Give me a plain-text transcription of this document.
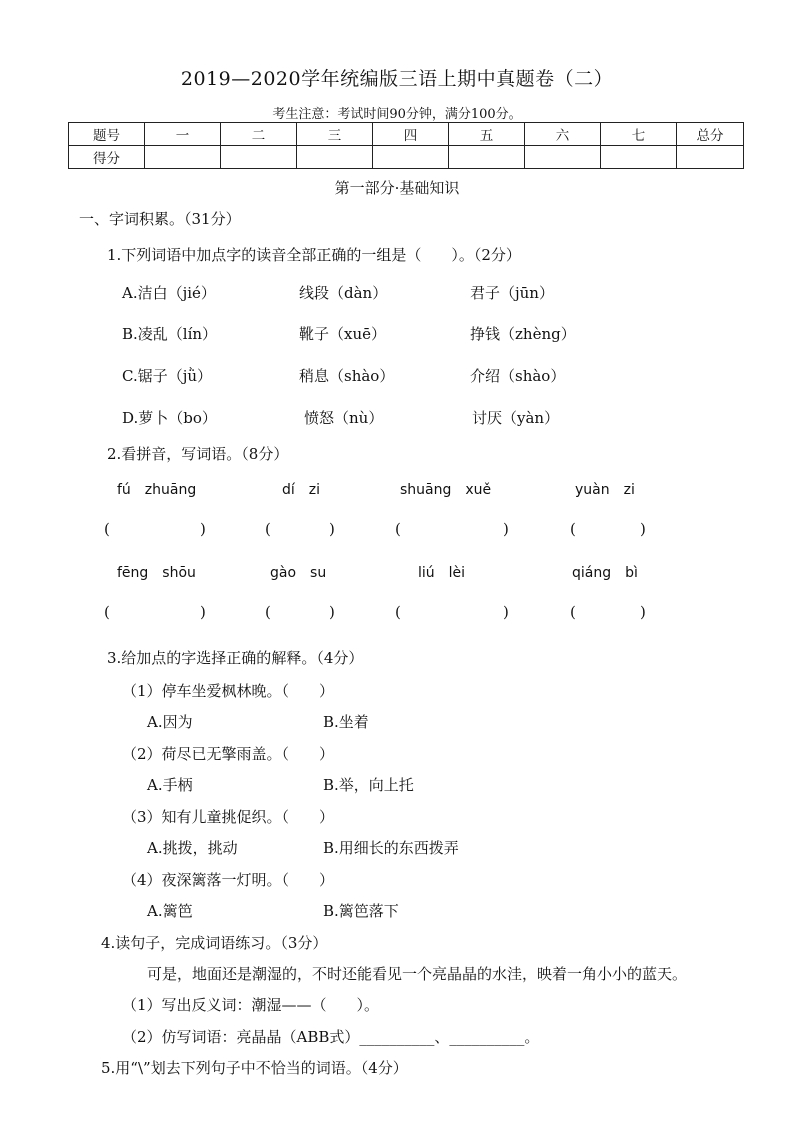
2019—2020学年统编版三语上期中真题卷（二）
考生注意：考试时间90分钟，满分100分。
题号	一	二	三	四	五	六	七	总分
得分								
第一部分·基础知识
一、字词积累。（31分）
1.下列词语中加点字的读音全部正确的一组是（　　）。（2分）
A.洁白（jié）	线段（dàn）	君子（jūn）
B.凌乱（lín）	靴子（xuē）	挣钱（zhèng）
C.锯子（jǜ）	稍息（shào）	介绍（shào）
D.萝卜（bo）	愤怒（nù）	讨厌（yàn）
2.看拼音，写词语。（8分）
fú　zhuāng	dí　zi	shuāng　xuě	yuàn　zi
(	)	(	)	(	)	(	)
fēng　shōu	gào　su	liú　lèi	qiáng　bì
(	)	(	)	(	)	(	)
3.给加点的字选择正确的解释。（4分）
（1）停车坐爱枫林晚。（　　）
A.因为	B.坐着
（2）荷尽已无擎雨盖。（　　）
A.手柄	B.举，向上托
（3）知有儿童挑促织。（　　）
A.挑拨，挑动	B.用细长的东西拨弄
（4）夜深篱落一灯明。（　　）
A.篱笆	B.篱笆落下
4.读句子，完成词语练习。（3分）
可是，地面还是潮湿的，不时还能看见一个亮晶晶的水洼，映着一角小小的蓝天。
（1）写出反义词：潮湿——（　　）。
（2）仿写词语：亮晶晶（ABB式）__________、__________。
5.用“\”划去下列句子中不恰当的词语。（4分）
